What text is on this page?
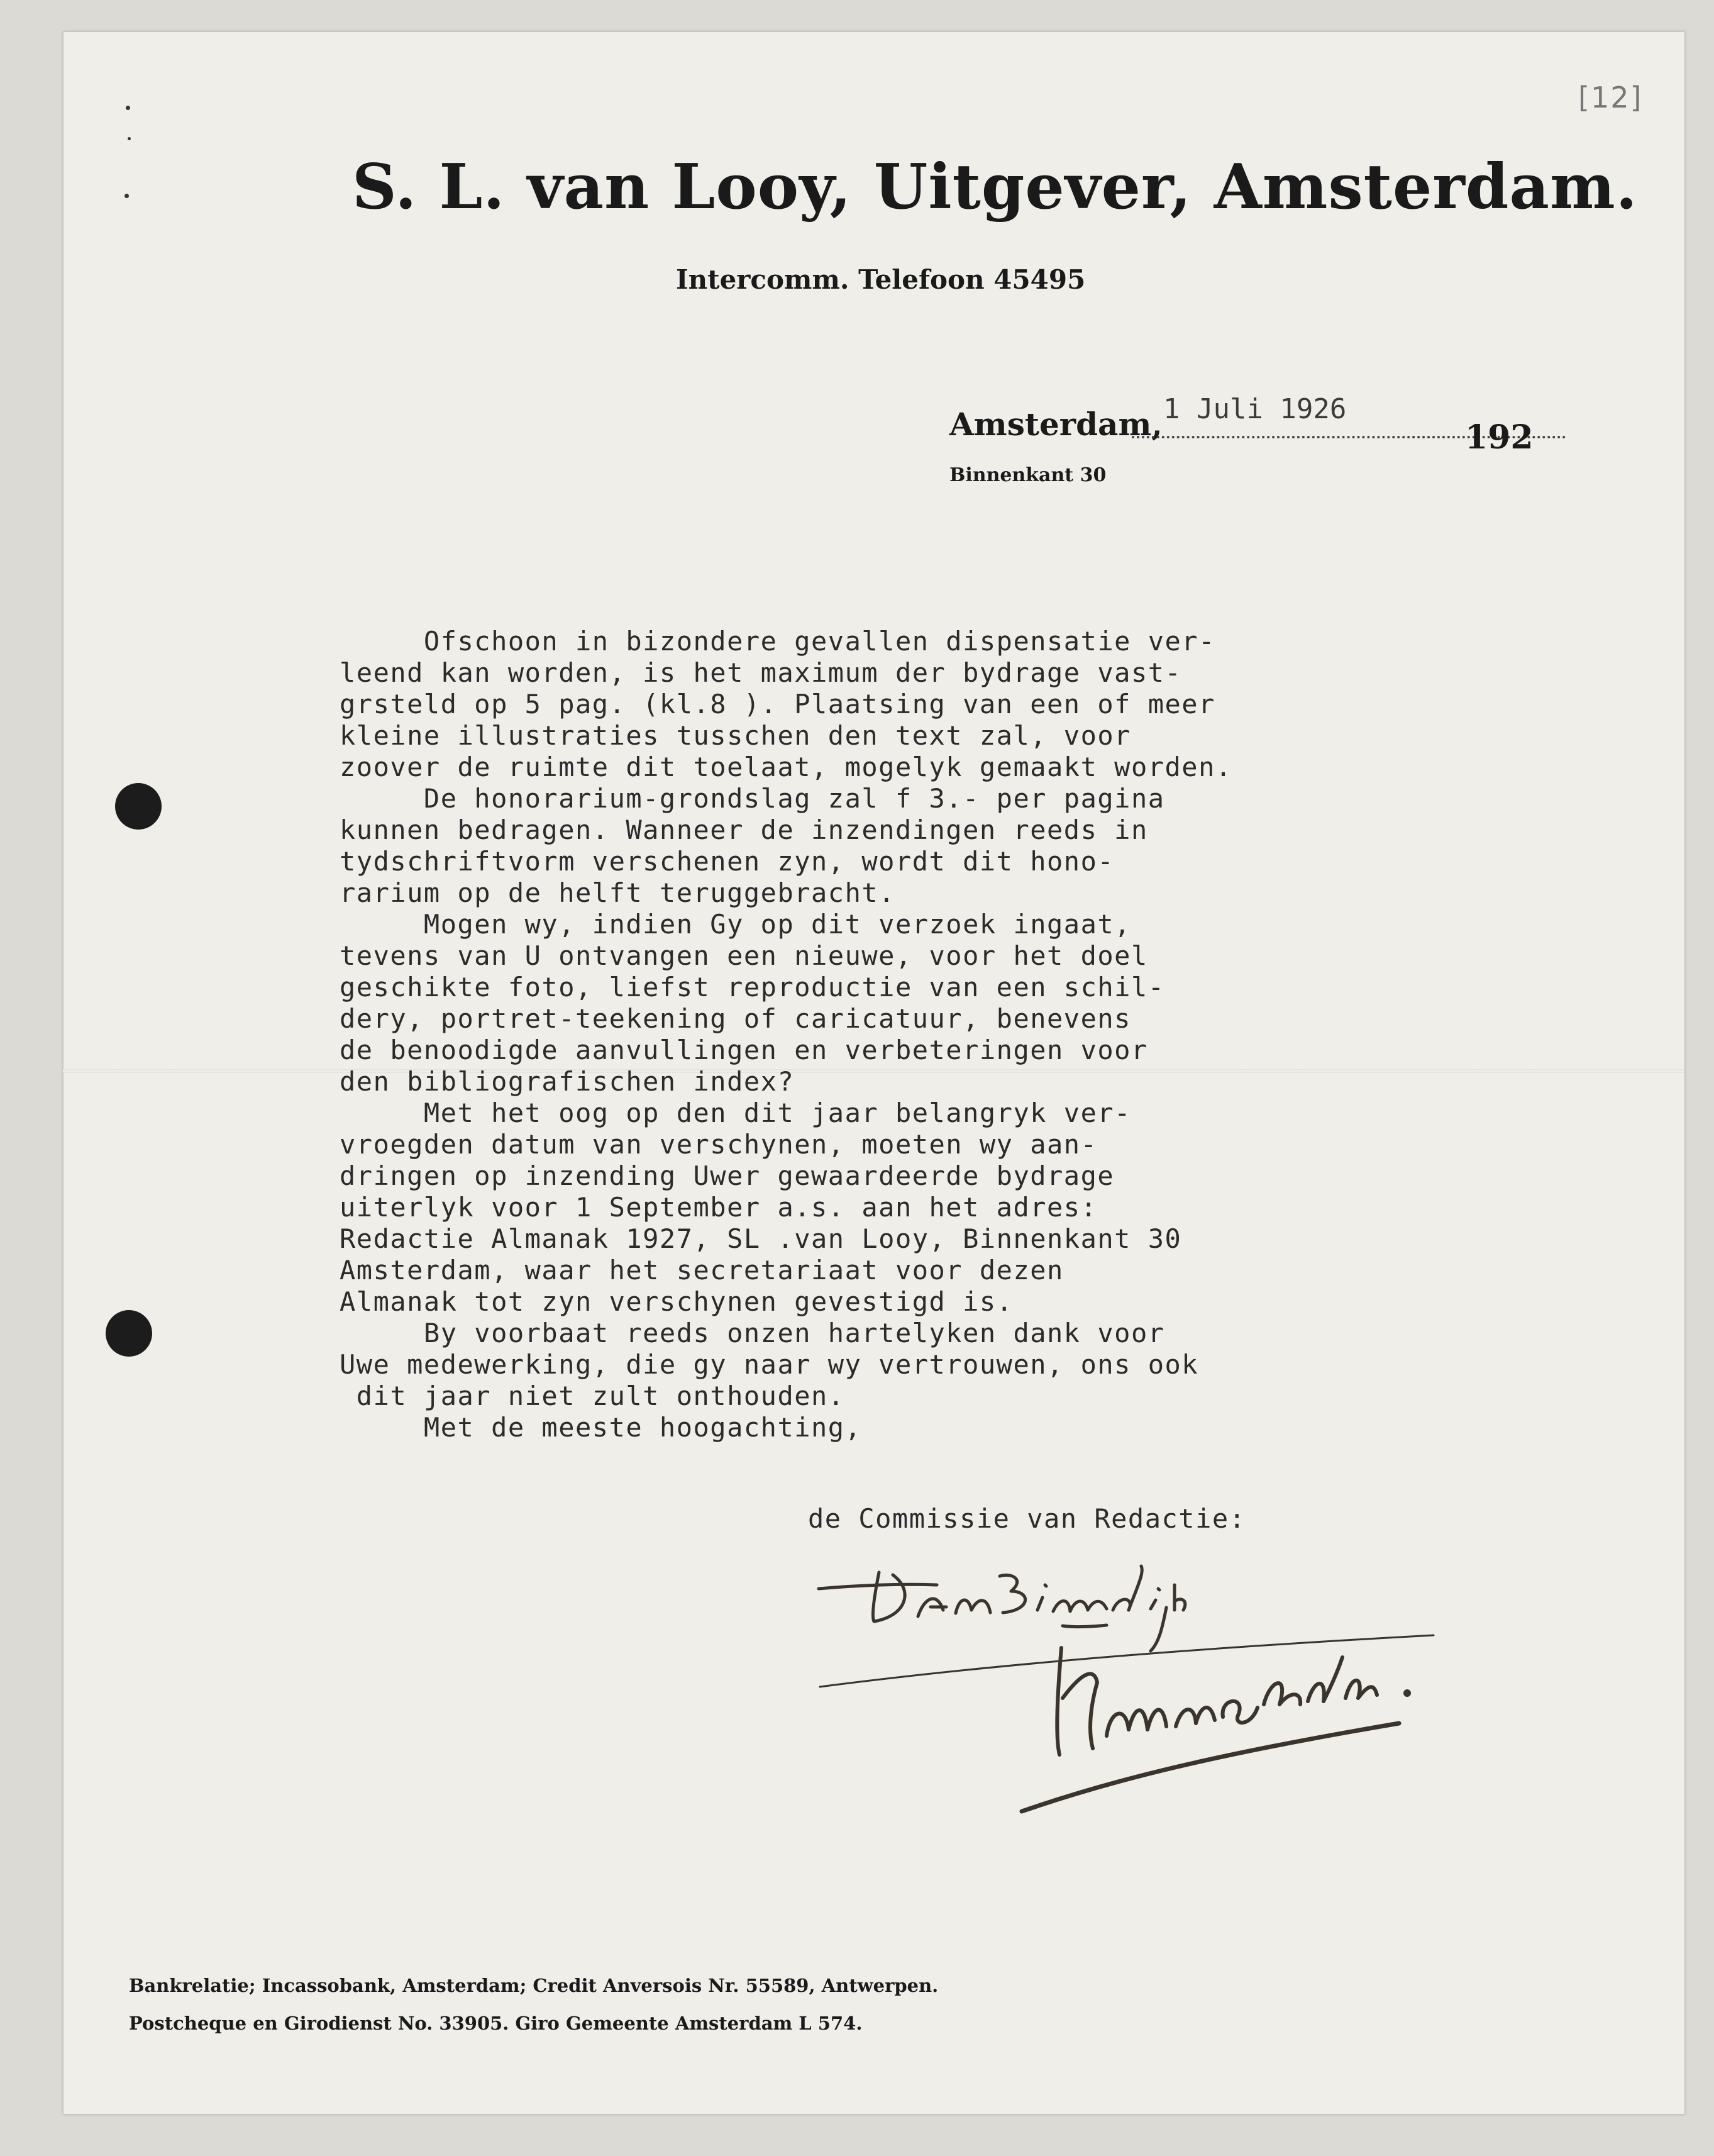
[12]
S. L. van Looy, Uitgever, Amsterdam.
Intercomm. Telefoon 45495
Amsterdam, 1 Juli 1926
192
Binnenkant 30
Ofschoon in bizondere gevallen dispensatie ver-
leend kan worden, is het maximum der bydrage vast-
grsteld op 5 pag. (kl.8 ). Plaatsing van een of meer
kleine illustraties tusschen den text zal, voor
zoover de ruimte dit toelaat, mogelyk gemaakt worden.
De honorarium-grondslag zal f 3.- per pagina
kunnen bedragen. Wanneer de inzendingen reeds in
tydschriftvorm verschenen zyn, wordt dit hono-
rarium op de helft teruggebracht.
Mogen wy, indien Gy op dit verzoek ingaat,
tevens van U ontvangen een nieuwe, voor het doel
geschikte foto, liefst reproductie van een schil-
dery, portret-teekening of caricatuur, benevens
de benoodigde aanvullingen en verbeteringen voor
den bibliografischen index?
Met het oog op den dit jaar belangryk ver-
vroegden datum van verschynen, moeten wy aan-
dringen op inzending Uwer gewaardeerde bydrage
uiterlyk voor 1 September a.s. aan het adres:
Redactie Almanak 1927, SL .van Looy, Binnenkant 30
Amsterdam, waar het secretariaat voor dezen
Almanak tot zyn verschynen gevestigd is.
By voorbaat reeds onzen hartelyken dank voor
Uwe medewerking, die gy naar wy vertrouwen, ons ook
dit jaar niet zult onthouden.
Met de meeste hoogachting,
de Commissie van Redactie:
Bankrelatie; Incassobank, Amsterdam; Credit Anversois Nr. 55589, Antwerpen.
Postcheque en Girodienst No. 33905. Giro Gemeente Amsterdam L 574.
